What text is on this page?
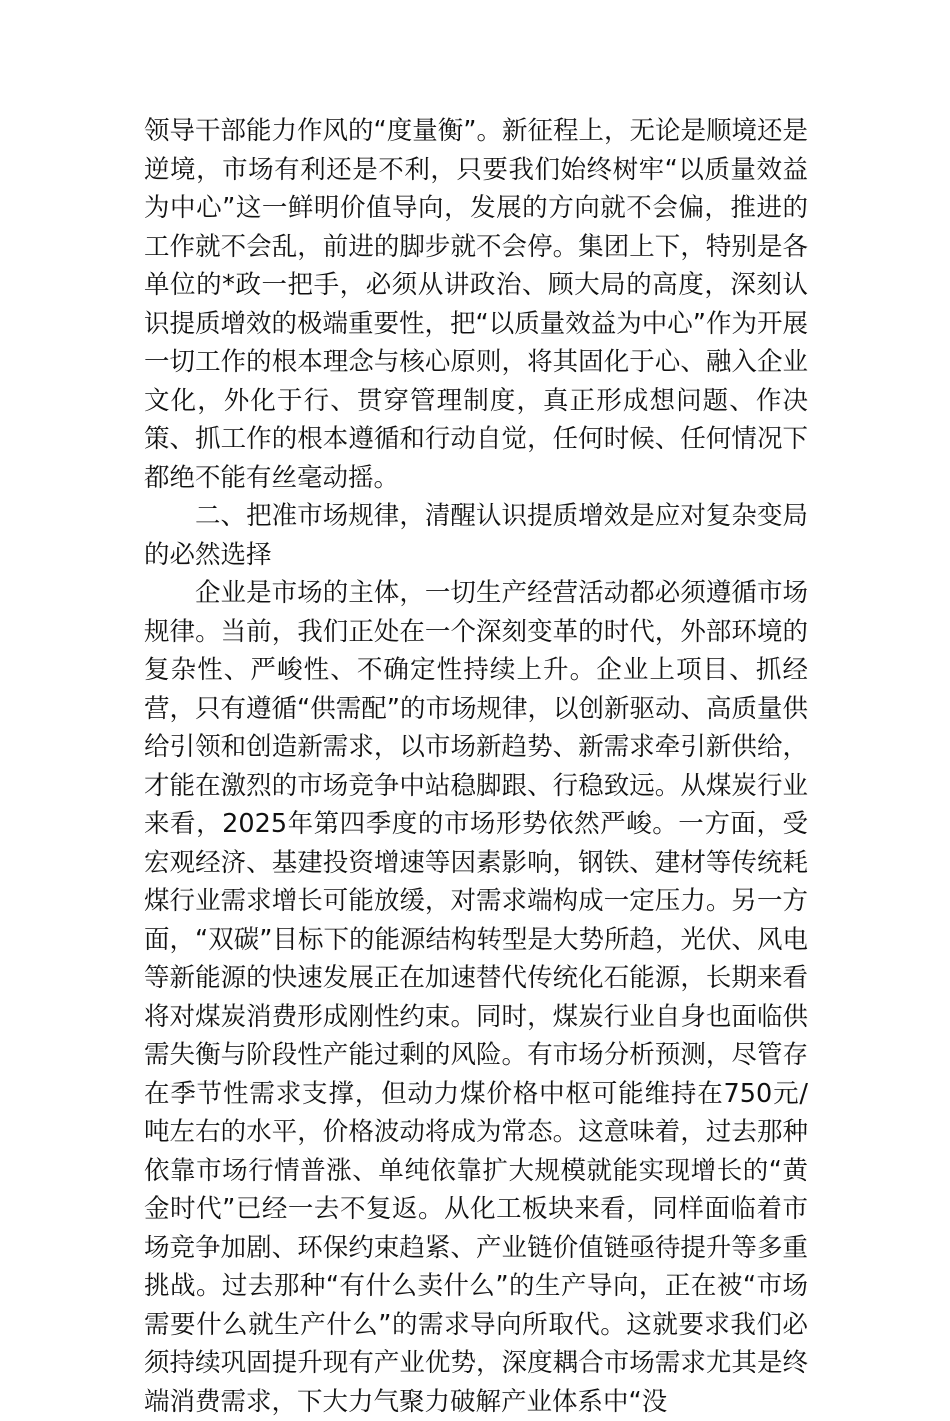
领导干部能力作风的“度量衡”。新征程上，无论是顺境还是逆境，市场有利还是不利，只要我们始终树牢“以质量效益为中心”这一鲜明价值导向，发展的方向就不会偏，推进的工作就不会乱，前进的脚步就不会停。集团上下，特别是各单位的*政一把手，必须从讲政治、顾大局的高度，深刻认识提质增效的极端重要性，把“以质量效益为中心”作为开展一切工作的根本理念与核心原则，将其固化于心、融入企业文化，外化于行、贯穿管理制度，真正形成想问题、作决策、抓工作的根本遵循和行动自觉，任何时候、任何情况下都绝不能有丝毫动摇。

二、把准市场规律，清醒认识提质增效是应对复杂变局的必然选择

企业是市场的主体，一切生产经营活动都必须遵循市场规律。当前，我们正处在一个深刻变革的时代，外部环境的复杂性、严峻性、不确定性持续上升。企业上项目、抓经营，只有遵循“供需配”的市场规律，以创新驱动、高质量供给引领和创造新需求，以市场新趋势、新需求牵引新供给，才能在激烈的市场竞争中站稳脚跟、行稳致远。从煤炭行业来看，2025年第四季度的市场形势依然严峻。一方面，受宏观经济、基建投资增速等因素影响，钢铁、建材等传统耗煤行业需求增长可能放缓，对需求端构成一定压力。另一方面，“双碳”目标下的能源结构转型是大势所趋，光伏、风电等新能源的快速发展正在加速替代传统化石能源，长期来看将对煤炭消费形成刚性约束。同时，煤炭行业自身也面临供需失衡与阶段性产能过剩的风险。有市场分析预测，尽管存在季节性需求支撑，但动力煤价格中枢可能维持在750元/吨左右的水平，价格波动将成为常态。这意味着，过去那种依靠市场行情普涨、单纯依靠扩大规模就能实现增长的“黄金时代”已经一去不复返。从化工板块来看，同样面临着市场竞争加剧、环保约束趋紧、产业链价值链亟待提升等多重挑战。过去那种“有什么卖什么”的生产导向，正在被“市场需要什么就生产什么”的需求导向所取代。这就要求我们必须持续巩固提升现有产业优势，深度耦合市场需求尤其是终端消费需求，下大力气聚力破解产业体系中“没
